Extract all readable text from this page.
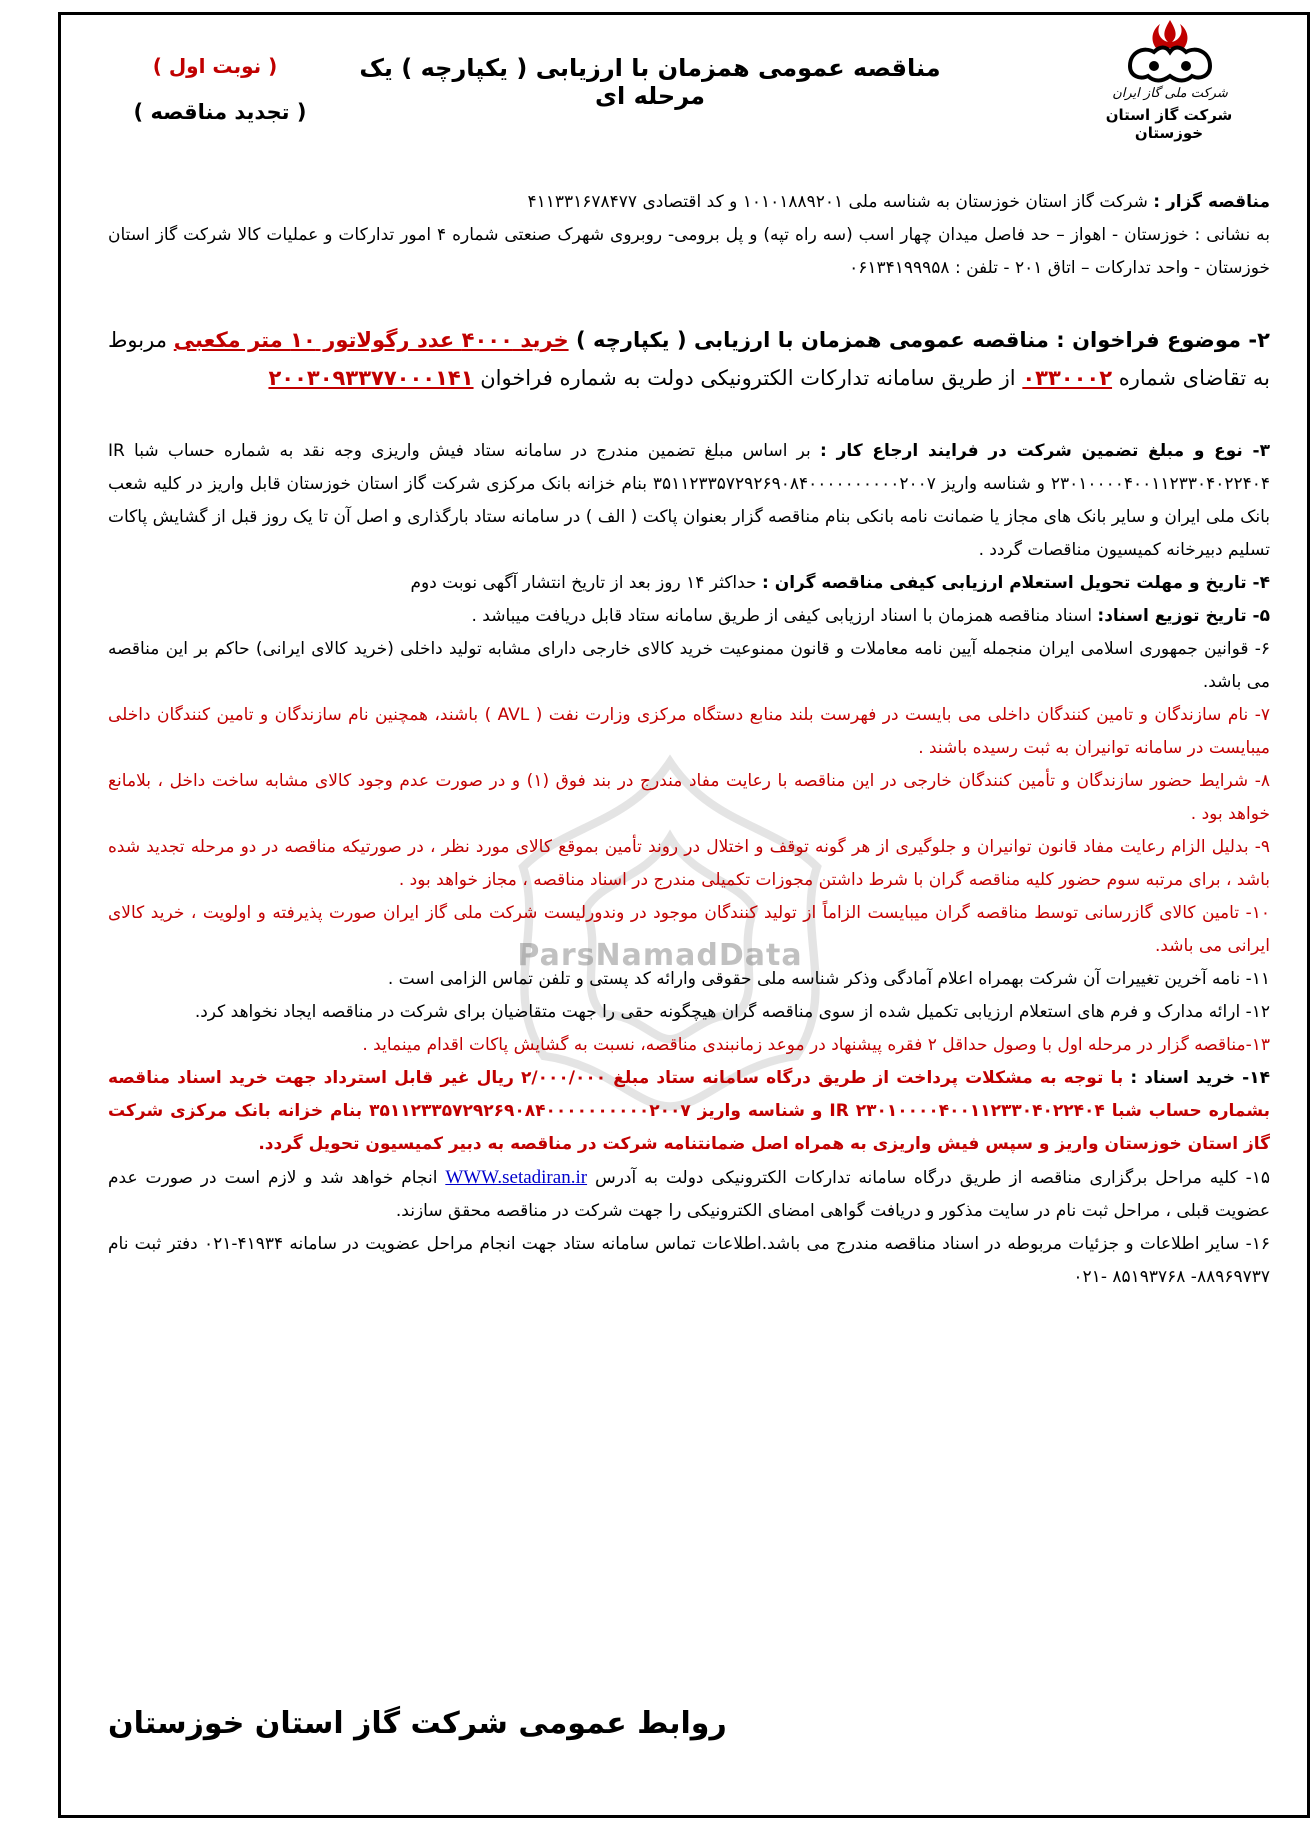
ParsNamadData
شرکت ملی گاز ایران
شرکت گاز استان خوزستان
مناقصه عمومی همزمان با ارزیابی ( یکپارچه ) یک مرحله ای
( نوبت اول )
( تجدید مناقصه )

مناقصه گزار : شرکت گاز استان خوزستان به شناسه ملی ۱۰۱۰۱۸۸۹۲۰۱ و کد اقتصادی ۴۱۱۳۳۱۶۷۸۴۷۷

به نشانی : خوزستان - اهواز – حد فاصل میدان چهار اسب (سه راه تپه) و پل برومی- روبروی شهرک صنعتی شماره ۴ امور تدارکات و عملیات کالا شرکت گاز استان خوزستان - واحد تدارکات – اتاق ۲۰۱ - تلفن : ۰۶۱۳۴۱۹۹۹۵۸

۲- موضوع فراخوان : مناقصه عمومی همزمان با ارزیابی ( یکپارچه ) خرید ۴۰۰۰ عدد رگولاتور ۱۰ متر مکعبی مربوط به تقاضای شماره ۰۳۳۰۰۰۲ از طریق سامانه تدارکات الکترونیکی دولت به شماره فراخوان ۲۰۰۳۰۹۳۳۷۷۰۰۰۱۴۱

۳- نوع و مبلغ تضمین شرکت در فرایند ارجاع کار : بر اساس مبلغ تضمین مندرج در سامانه ستاد فیش واریزی وجه نقد به شماره حساب شبا IR ۲۳۰۱۰۰۰۰۴۰۰۱۱۲۳۳۰۴۰۲۲۴۰۴ و شناسه واریز ۳۵۱۱۲۳۳۵۷۲۹۲۶۹۰۸۴۰۰۰۰۰۰۰۰۰۰۲۰۰۷ بنام خزانه بانک مرکزی شرکت گاز استان خوزستان قابل واریز در کلیه شعب بانک ملی ایران و سایر بانک های مجاز یا ضمانت نامه بانکی بنام مناقصه گزار بعنوان پاکت ( الف ) در سامانه ستاد بارگذاری و اصل آن تا یک روز قبل از گشایش پاکات تسلیم دبیرخانه کمیسیون مناقصات گردد .

۴- تاریخ و مهلت تحویل استعلام ارزیابی کیفی مناقصه گران : حداکثر ۱۴ روز بعد از تاریخ انتشار آگهی نوبت دوم

۵- تاریخ توزیع اسناد: اسناد مناقصه همزمان با اسناد ارزیابی کیفی از طریق سامانه ستاد قابل دریافت میباشد .

۶- قوانین جمهوری اسلامی ایران منجمله آیین نامه معاملات و قانون ممنوعیت خرید کالای خارجی دارای مشابه تولید داخلی (خرید کالای ایرانی) حاکم بر این مناقصه می باشد.

۷- نام سازندگان و تامین کنندگان داخلی می بایست در فهرست بلند منابع دستگاه مرکزی وزارت نفت ( AVL ) باشند، همچنین نام سازندگان و تامین کنندگان داخلی میبایست در سامانه توانیران به ثبت رسیده باشند .

۸- شرایط حضور سازندگان و تأمین کنندگان خارجی در این مناقصه با رعایت مفاد مندرج در بند فوق (۱) و در صورت عدم وجود کالای مشابه ساخت داخل ، بلامانع خواهد بود .

۹- بدلیل الزام رعایت مفاد قانون توانیران و جلوگیری از هر گونه توقف و اختلال در روند تأمین بموقع کالای مورد نظر ، در صورتیکه مناقصه در دو مرحله تجدید شده باشد ، برای مرتبه سوم حضور کلیه مناقصه گران با شرط داشتن مجوزات تکمیلی مندرج در اسناد مناقصه ، مجاز خواهد بود .

۱۰- تامین کالای گازرسانی توسط مناقصه گران میبایست الزاماً از تولید کنندگان موجود در وندورلیست شرکت ملی گاز ایران صورت پذیرفته و اولویت ، خرید کالای ایرانی می باشد.

۱۱- نامه آخرین تغییرات آن شرکت بهمراه اعلام آمادگی وذکر شناسه ملی حقوقی وارائه کد پستی و تلفن تماس الزامی است .

۱۲- ارائه مدارک و فرم های استعلام ارزیابی تکمیل شده از سوی مناقصه گران هیچگونه حقی را جهت متقاضیان برای شرکت در مناقصه ایجاد نخواهد کرد.

۱۳-مناقصه گزار در مرحله اول با وصول حداقل ۲ فقره پیشنهاد در موعد زمانبندی مناقصه، نسبت به گشایش پاکات اقدام مینماید .

۱۴- خرید اسناد : با توجه به مشکلات پرداخت از طریق درگاه سامانه ستاد مبلغ ۲/۰۰۰/۰۰۰ ریال غیر قابل استرداد جهت خرید اسناد مناقصه بشماره حساب شبا IR ۲۳۰۱۰۰۰۰۴۰۰۱۱۲۳۳۰۴۰۲۲۴۰۴ و شناسه واریز ۳۵۱۱۲۳۳۵۷۲۹۲۶۹۰۸۴۰۰۰۰۰۰۰۰۰۰۲۰۰۷ بنام خزانه بانک مرکزی شرکت گاز استان خوزستان واریز و سپس فیش واریزی به همراه اصل ضمانتنامه شرکت در مناقصه به دبیر کمیسیون تحویل گردد.

۱۵- کلیه مراحل برگزاری مناقصه از طریق درگاه سامانه تدارکات الکترونیکی دولت به آدرس WWW.setadiran.ir انجام خواهد شد و لازم است در صورت عدم عضویت قبلی ، مراحل ثبت نام در سایت مذکور و دریافت گواهی امضای الکترونیکی را جهت شرکت در مناقصه محقق سازند.

۱۶- سایر اطلاعات و جزئیات مربوطه در اسناد مناقصه مندرج می باشد.اطلاعات تماس سامانه ستاد جهت انجام مراحل عضویت در سامانه ۴۱۹۳۴-۰۲۱ دفتر ثبت نام ۸۸۹۶۹۷۳۷- ۸۵۱۹۳۷۶۸ -۰۲۱

روابط عمومی شرکت گاز استان خوزستان
